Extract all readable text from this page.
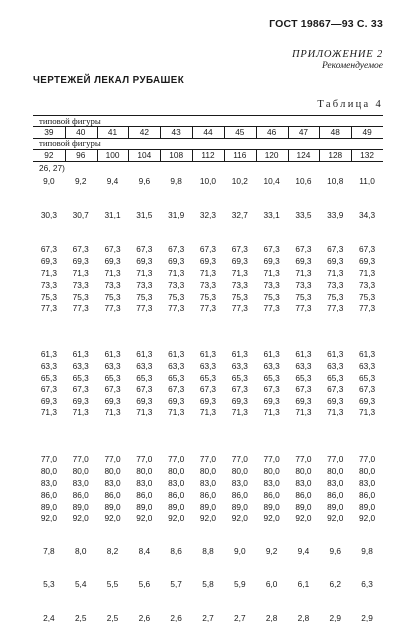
ГОСТ 19867—93 С. 33
ПРИЛОЖЕНИЕ 2
Рекомендуемое
ЧЕРТЕЖЕЙ ЛЕКАЛ РУБАШЕК
Таблица 4
типовой фигуры
типовой фигуры
26, 27)
39	40	41	42	43	44	45	46	47	48	49
92	96	100	104	108	112	116	120	124	128	132
9,0	9,2	9,4	9,6	9,8	10,0	10,2	10,4	10,6	10,8	11,0
30,3	30,7	31,1	31,5	31,9	32,3	32,7	33,1	33,5	33,9	34,3
67,3	67,3	67,3	67,3	67,3	67,3	67,3	67,3	67,3	67,3	67,3
69,3	69,3	69,3	69,3	69,3	69,3	69,3	69,3	69,3	69,3	69,3
71,3	71,3	71,3	71,3	71,3	71,3	71,3	71,3	71,3	71,3	71,3
73,3	73,3	73,3	73,3	73,3	73,3	73,3	73,3	73,3	73,3	73,3
75,3	75,3	75,3	75,3	75,3	75,3	75,3	75,3	75,3	75,3	75,3
77,3	77,3	77,3	77,3	77,3	77,3	77,3	77,3	77,3	77,3	77,3
61,3	61,3	61,3	61,3	61,3	61,3	61,3	61,3	61,3	61,3	61,3
63,3	63,3	63,3	63,3	63,3	63,3	63,3	63,3	63,3	63,3	63,3
65,3	65,3	65,3	65,3	65,3	65,3	65,3	65,3	65,3	65,3	65,3
67,3	67,3	67,3	67,3	67,3	67,3	67,3	67,3	67,3	67,3	67,3
69,3	69,3	69,3	69,3	69,3	69,3	69,3	69,3	69,3	69,3	69,3
71,3	71,3	71,3	71,3	71,3	71,3	71,3	71,3	71,3	71,3	71,3
77,0	77,0	77,0	77,0	77,0	77,0	77,0	77,0	77,0	77,0	77,0
80,0	80,0	80,0	80,0	80,0	80,0	80,0	80,0	80,0	80,0	80,0
83,0	83,0	83,0	83,0	83,0	83,0	83,0	83,0	83,0	83,0	83,0
86,0	86,0	86,0	86,0	86,0	86,0	86,0	86,0	86,0	86,0	86,0
89,0	89,0	89,0	89,0	89,0	89,0	89,0	89,0	89,0	89,0	89,0
92,0	92,0	92,0	92,0	92,0	92,0	92,0	92,0	92,0	92,0	92,0
7,8	8,0	8,2	8,4	8,6	8,8	9,0	9,2	9,4	9,6	9,8
5,3	5,4	5,5	5,6	5,7	5,8	5,9	6,0	6,1	6,2	6,3
2,4	2,5	2,5	2,6	2,6	2,7	2,7	2,8	2,8	2,9	2,9
